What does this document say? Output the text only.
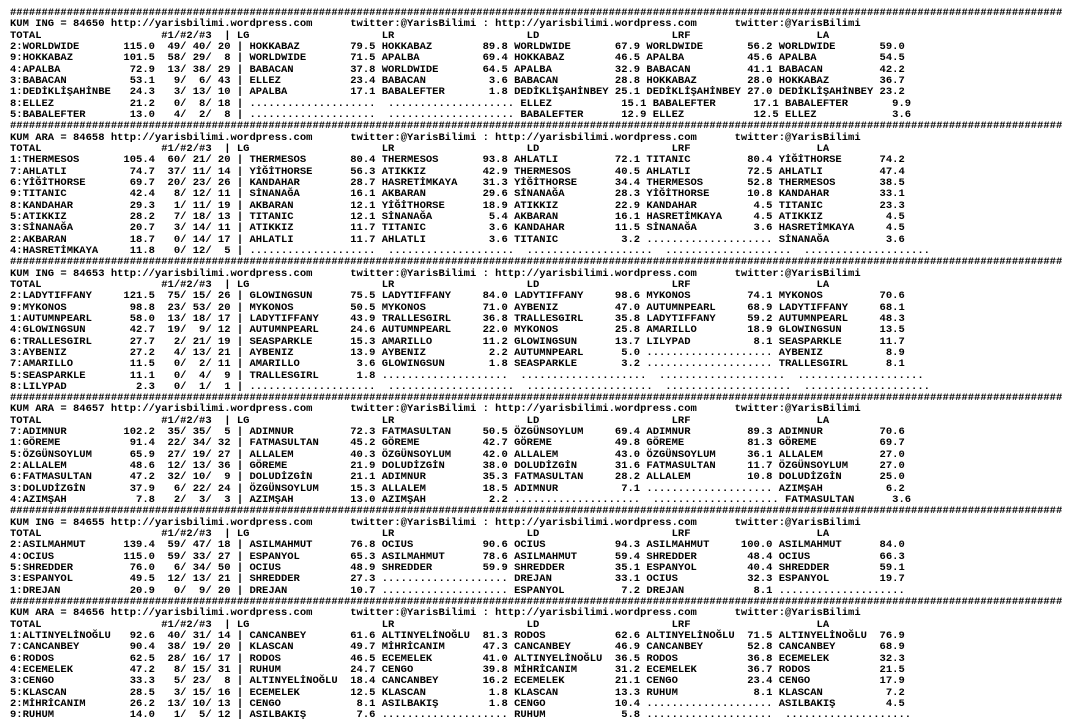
#######################################################################################################################################################################
KUM ING = 84650 http://yarisbilimi.wordpress.com      twitter:@YarisBilimi : http://yarisbilimi.wordpress.com      twitter:@YarisBilimi
TOTAL                   #1/#2/#3  | LG                     LR                     LD                     LRF                    LA
2:WORLDWIDE       115.0  49/ 40/ 20 | HOKKABAZ        79.5 HOKKABAZ        89.8 WORLDWIDE       67.9 WORLDWIDE       56.2 WORLDWIDE       59.0
9:HOKKABAZ        101.5  58/ 29/  8 | WORLDWIDE       71.5 APALBA          69.4 HOKKABAZ        46.5 APALBA          45.6 APALBA          54.5
4:APALBA           72.9  13/ 38/ 29 | BABACAN         37.8 WORLDWIDE       64.5 APALBA          32.9 BABACAN         41.1 BABACAN         42.2
3:BABACAN          53.1   9/  6/ 43 | ELLEZ           23.4 BABACAN          3.6 BABACAN         28.8 HOKKABAZ        28.0 HOKKABAZ        36.7
1:DEDİKLİŞAHİNBE   24.3   3/ 13/ 10 | APALBA          17.1 BABALEFTER       1.8 DEDİKLİŞAHİNBEY 25.1 DEDİKLİŞAHİNBEY 27.0 DEDİKLİŞAHİNBEY 23.2
8:ELLEZ            21.2   0/  8/ 18 | ....................  .................... ELLEZ           15.1 BABALEFTER      17.1 BABALEFTER       9.9
5:BABALEFTER       13.0   4/  2/  8 | ....................  .................... BABALEFTER      12.9 ELLEZ           12.5 ELLEZ            3.6
#######################################################################################################################################################################
KUM ARA = 84658 http://yarisbilimi.wordpress.com      twitter:@YarisBilimi : http://yarisbilimi.wordpress.com      twitter:@YarisBilimi
TOTAL                   #1/#2/#3  | LG                     LR                     LD                     LRF                    LA
1:THERMESOS       105.4  60/ 21/ 20 | THERMESOS       80.4 THERMESOS       93.8 AHLATLI         72.1 TITANIC         80.4 YİĞİTHORSE      74.2
7:AHLATLI          74.7  37/ 11/ 14 | YİĞİTHORSE      56.3 ATIKKIZ         42.9 THERMESOS       40.5 AHLATLI         72.5 AHLATLI         47.4
6:YİĞİTHORSE       69.7  20/ 23/ 26 | KANDAHAR        28.7 HASRETİMKAYA    31.3 YİĞİTHORSE      34.4 THERMESOS       52.8 THERMESOS       38.5
9:TITANIC          42.4   8/ 12/ 11 | SİNANAĞA        16.1 AKBARAN         29.6 SİNANAĞA        28.3 YİĞİTHORSE      10.8 KANDAHAR        33.1
8:KANDAHAR         29.3   1/ 11/ 19 | AKBARAN         12.1 YİĞİTHORSE      18.9 ATIKKIZ         22.9 KANDAHAR         4.5 TITANIC         23.3
5:ATIKKIZ          28.2   7/ 18/ 13 | TITANIC         12.1 SİNANAĞA         5.4 AKBARAN         16.1 HASRETİMKAYA     4.5 ATIKKIZ          4.5
3:SİNANAĞA         20.7   3/ 14/ 11 | ATIKKIZ         11.7 TITANIC          3.6 KANDAHAR        11.5 SİNANAĞA         3.6 HASRETİMKAYA     4.5
2:AKBARAN          18.7   0/ 14/ 17 | AHLATLI         11.7 AHLATLI          3.6 TITANIC          3.2 .................... SİNANAĞA         3.6
4:HASRETİMKAYA     11.8   0/ 12/  5 | ....................  ....................  ....................  ....................  ....................
#######################################################################################################################################################################
KUM ING = 84653 http://yarisbilimi.wordpress.com      twitter:@YarisBilimi : http://yarisbilimi.wordpress.com      twitter:@YarisBilimi
TOTAL                   #1/#2/#3  | LG                     LR                     LD                     LRF                    LA
2:LADYTIFFANY     121.5  75/ 15/ 26 | GLOWINGSUN      75.5 LADYTIFFANY     84.0 LADYTIFFANY     98.6 MYKONOS         74.1 MYKONOS         70.6
9:MYKONOS          98.8  23/ 53/ 20 | MYKONOS         50.5 MYKONOS         71.0 AYBENIZ         47.0 AUTUMNPEARL     68.9 LADYTIFFANY     68.1
1:AUTUMNPEARL      58.0  13/ 18/ 17 | LADYTIFFANY     43.9 TRALLESGIRL     36.8 TRALLESGIRL     35.8 LADYTIFFANY     59.2 AUTUMNPEARL     48.3
4:GLOWINGSUN       42.7  19/  9/ 12 | AUTUMNPEARL     24.6 AUTUMNPEARL     22.0 MYKONOS         25.8 AMARILLO        18.9 GLOWINGSUN      13.5
6:TRALLESGIRL      27.7   2/ 21/ 19 | SEASPARKLE      15.3 AMARILLO        11.2 GLOWINGSUN      13.7 LILYPAD          8.1 SEASPARKLE      11.7
3:AYBENIZ          27.2   4/ 13/ 21 | AYBENIZ         13.9 AYBENIZ          2.2 AUTUMNPEARL      5.0 .................... AYBENIZ          8.9
7:AMARILLO         11.5   0/  2/ 11 | AMARILLO         3.6 GLOWINGSUN       1.8 SEASPARKLE       3.2 .................... TRALLESGIRL      8.1
5:SEASPARKLE       11.1   0/  4/  9 | TRALLESGIRL      1.8 ....................  ....................  ....................  ....................
8:LILYPAD           2.3   0/  1/  1 | ....................  ....................  ....................  ....................  ....................
#######################################################################################################################################################################
KUM ARA = 84657 http://yarisbilimi.wordpress.com      twitter:@YarisBilimi : http://yarisbilimi.wordpress.com      twitter:@YarisBilimi
TOTAL                   #1/#2/#3  | LG                     LR                     LD                     LRF                    LA
7:ADIMNUR         102.2  35/ 35/  5 | ADIMNUR         72.3 FATMASULTAN     50.5 ÖZGÜNSOYLUM     69.4 ADIMNUR         89.3 ADIMNUR         70.6
1:GÖREME           91.4  22/ 34/ 32 | FATMASULTAN     45.2 GÖREME          42.7 GÖREME          49.8 GÖREME          81.3 GÖREME          69.7
5:ÖZGÜNSOYLUM      65.9  27/ 19/ 27 | ALLALEM         40.3 ÖZGÜNSOYLUM     42.0 ALLALEM         43.0 ÖZGÜNSOYLUM     36.1 ALLALEM         27.0
2:ALLALEM          48.6  12/ 13/ 36 | GÖREME          21.9 DOLUDİZGİN      38.0 DOLUDİZGİN      31.6 FATMASULTAN     11.7 ÖZGÜNSOYLUM     27.0
6:FATMASULTAN      47.2  32/ 10/  9 | DOLUDİZGİN      21.1 ADIMNUR         35.3 FATMASULTAN     28.2 ALLALEM         10.8 DOLUDİZGİN      25.0
3:DOLUDİZGİN       37.9   6/ 22/ 24 | ÖZGÜNSOYLUM     15.3 ALLALEM         18.5 ADIMNUR          7.1 .................... AZIMŞAH          6.2
4:AZIMŞAH           7.8   2/  3/  3 | AZIMŞAH         13.0 AZIMŞAH          2.2 ....................  .................... FATMASULTAN      3.6
#######################################################################################################################################################################
KUM ING = 84655 http://yarisbilimi.wordpress.com      twitter:@YarisBilimi : http://yarisbilimi.wordpress.com      twitter:@YarisBilimi
TOTAL                   #1/#2/#3  | LG                     LR                     LD                     LRF                    LA
2:ASILMAHMUT      139.4  59/ 47/ 18 | ASILMAHMUT      76.8 OCIUS           90.6 OCIUS           94.3 ASILMAHMUT     100.0 ASILMAHMUT      84.0
4:OCIUS           115.0  59/ 33/ 27 | ESPANYOL        65.3 ASILMAHMUT      78.6 ASILMAHMUT      59.4 SHREDDER        48.4 OCIUS           66.3
5:SHREDDER         76.0   6/ 34/ 50 | OCIUS           48.9 SHREDDER        59.9 SHREDDER        35.1 ESPANYOL        40.4 SHREDDER        59.1
3:ESPANYOL         49.5  12/ 13/ 21 | SHREDDER        27.3 .................... DREJAN          33.1 OCIUS           32.3 ESPANYOL        19.7
1:DREJAN           20.9   0/  9/ 20 | DREJAN          10.7 .................... ESPANYOL         7.2 DREJAN           8.1 ....................
#######################################################################################################################################################################
KUM ARA = 84656 http://yarisbilimi.wordpress.com      twitter:@YarisBilimi : http://yarisbilimi.wordpress.com      twitter:@YarisBilimi
TOTAL                   #1/#2/#3  | LG                     LR                     LD                     LRF                    LA
1:ALTINYELİNOĞLU   92.6  40/ 31/ 14 | CANCANBEY       61.6 ALTINYELİNOĞLU  81.3 RODOS           62.6 ALTINYELİNOĞLU  71.5 ALTINYELİNOĞLU  76.9
7:CANCANBEY        90.4  38/ 19/ 20 | KLASCAN         49.7 MİHRİCANIM      47.3 CANCANBEY       46.9 CANCANBEY       52.8 CANCANBEY       68.9
6:RODOS            62.5  28/ 16/ 17 | RODOS           46.5 ECEMELEK        41.0 ALTINYELİNOĞLU  36.5 RODOS           36.8 ECEMELEK        32.3
4:ECEMELEK         47.2   8/ 15/ 31 | RUHUM           24.7 CENGO           39.8 MİHRİCANIM      31.2 ECEMELEK        36.7 RODOS           21.5
3:CENGO            33.3   5/ 23/  8 | ALTINYELİNOĞLU  18.4 CANCANBEY       16.2 ECEMELEK        21.1 CENGO           23.4 CENGO           17.9
5:KLASCAN          28.5   3/ 15/ 16 | ECEMELEK        12.5 KLASCAN          1.8 KLASCAN         13.3 RUHUM            8.1 KLASCAN          7.2
2:MİHRİCANIM       26.2  13/ 10/ 13 | CENGO            8.1 ASILBAKIŞ        1.8 CENGO           10.4 .................... ASILBAKIŞ        4.5
9:RUHUM            14.0   1/  5/ 12 | ASILBAKIŞ        7.6 .................... RUHUM            5.8 ....................  ....................
